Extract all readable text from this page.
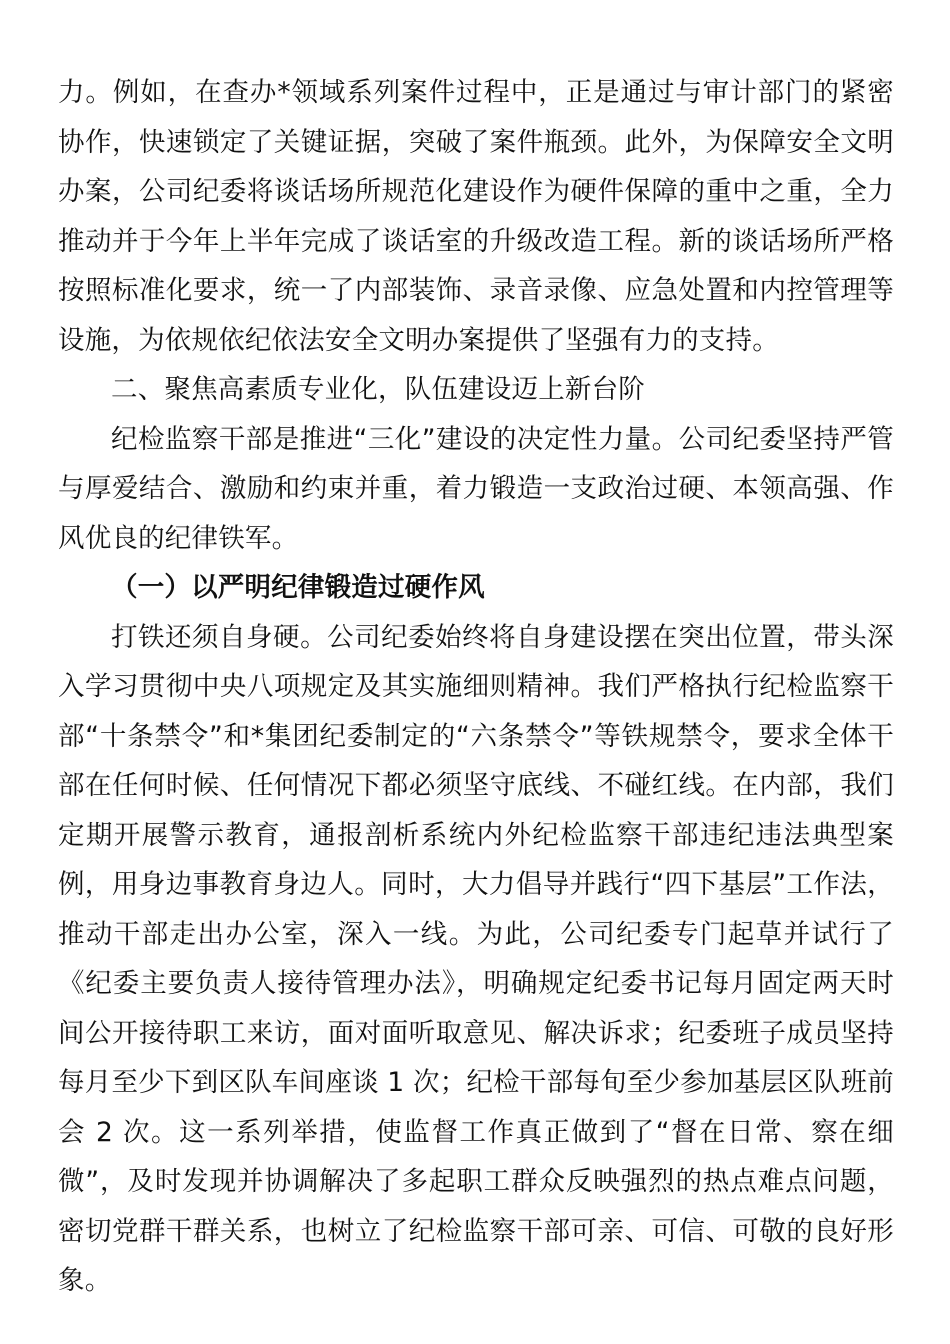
力。例如，在查办*领域系列案件过程中，正是通过与审计部门的紧密协作，快速锁定了关键证据，突破了案件瓶颈。此外，为保障安全文明办案，公司纪委将谈话场所规范化建设作为硬件保障的重中之重，全力推动并于今年上半年完成了谈话室的升级改造工程。新的谈话场所严格按照标准化要求，统一了内部装饰、录音录像、应急处置和内控管理等设施，为依规依纪依法安全文明办案提供了坚强有力的支持。

二、聚焦高素质专业化，队伍建设迈上新台阶

纪检监察干部是推进“三化”建设的决定性力量。公司纪委坚持严管与厚爱结合、激励和约束并重，着力锻造一支政治过硬、本领高强、作风优良的纪律铁军。

（一）以严明纪律锻造过硬作风

打铁还须自身硬。公司纪委始终将自身建设摆在突出位置，带头深入学习贯彻中央八项规定及其实施细则精神。我们严格执行纪检监察干部“十条禁令”和*集团纪委制定的“六条禁令”等铁规禁令，要求全体干部在任何时候、任何情况下都必须坚守底线、不碰红线。在内部，我们定期开展警示教育，通报剖析系统内外纪检监察干部违纪违法典型案例，用身边事教育身边人。同时，大力倡导并践行“四下基层”工作法，推动干部走出办公室，深入一线。为此，公司纪委专门起草并试行了《纪委主要负责人接待管理办法》，明确规定纪委书记每月固定两天时间公开接待职工来访，面对面听取意见、解决诉求；纪委班子成员坚持每月至少下到区队车间座谈 1 次；纪检干部每旬至少参加基层区队班前会 2 次。这一系列举措，使监督工作真正做到了“督在日常、察在细微”，及时发现并协调解决了多起职工群众反映强烈的热点难点问题，密切党群干群关系，也树立了纪检监察干部可亲、可信、可敬的良好形象。
